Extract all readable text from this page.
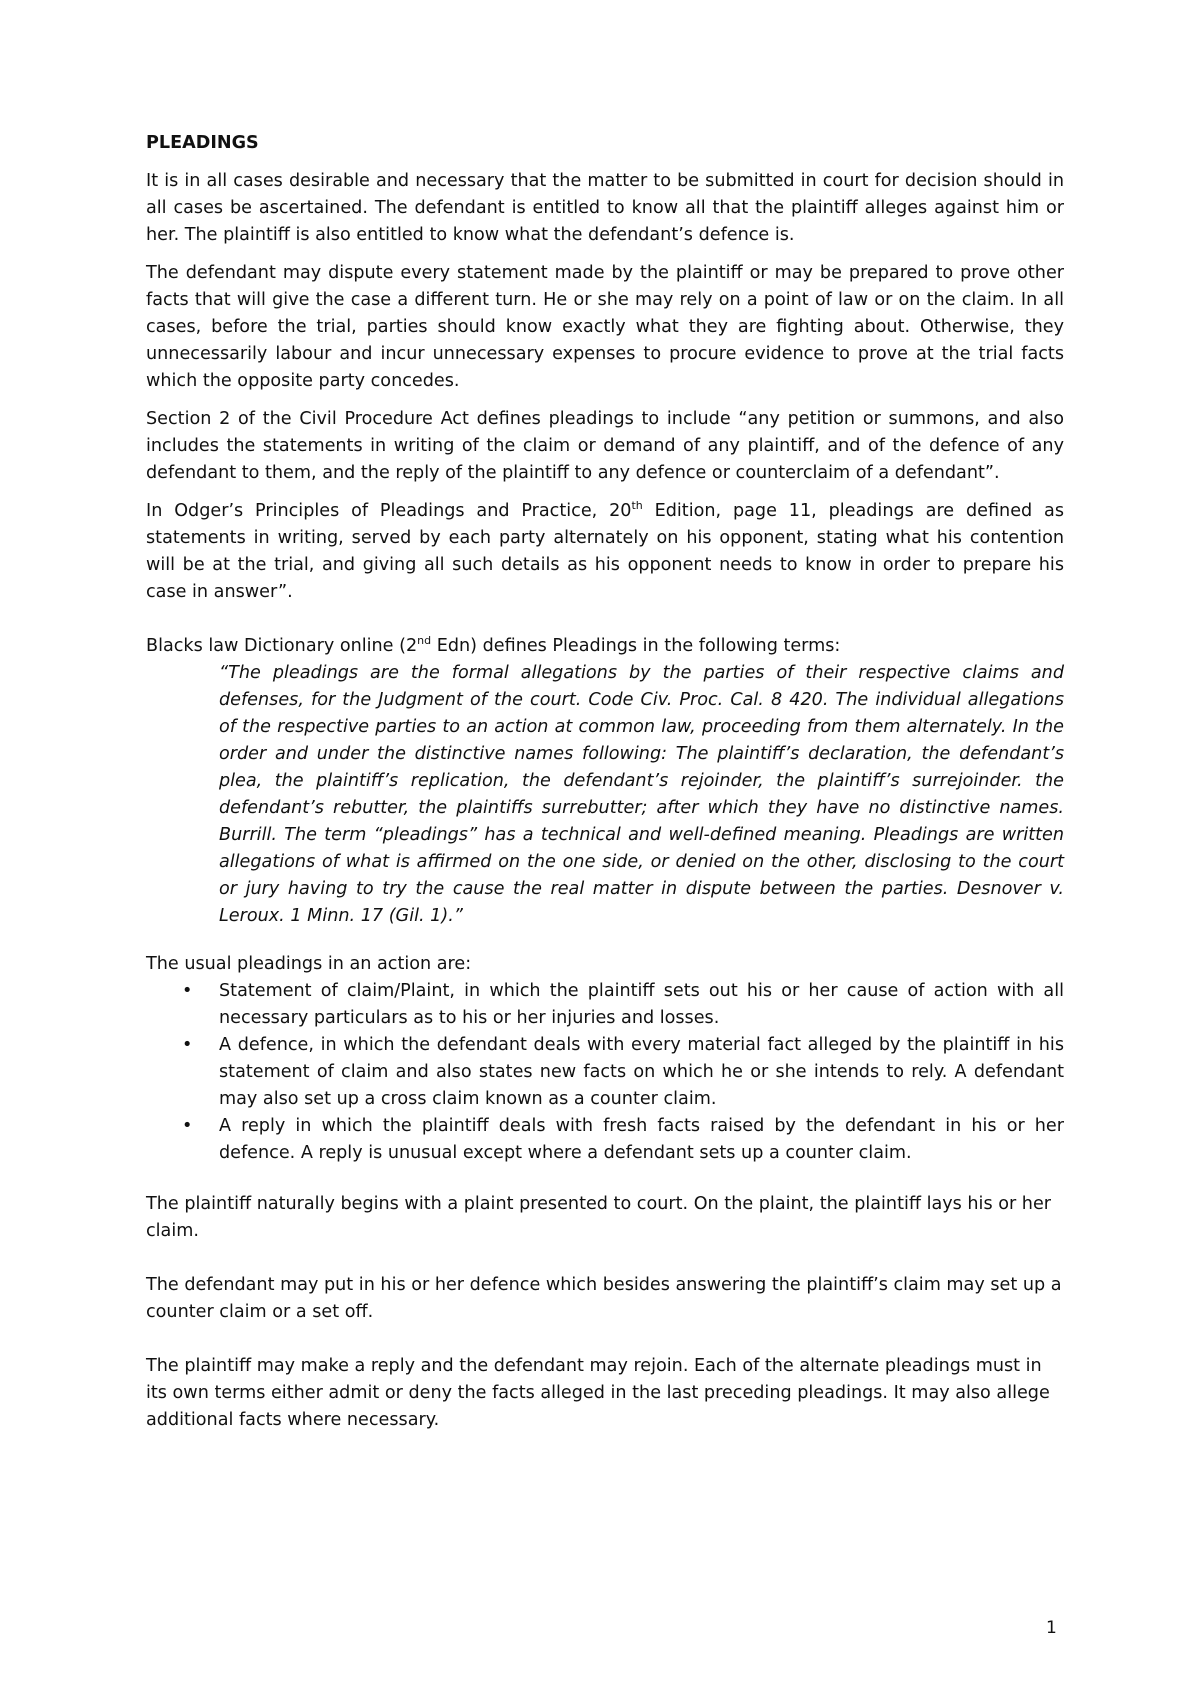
PLEADINGS

It is in all cases desirable and necessary that the matter to be submitted in court for decision should in all cases be ascertained. The defendant is entitled to know all that the plaintiff alleges against him or her. The plaintiff is also entitled to know what the defendant’s defence is.

The defendant may dispute every statement made by the plaintiff or may be prepared to prove other facts that will give the case a different turn. He or she may rely on a point of law or on the claim. In all cases, before the trial, parties should know exactly what they are fighting about. Otherwise, they unnecessarily labour and incur unnecessary expenses to procure evidence to prove at the trial facts which the opposite party concedes.

Section 2 of the Civil Procedure Act defines pleadings to include “any petition or summons, and also includes the statements in writing of the claim or demand of any plaintiff, and of the defence of any defendant to them, and the reply of the plaintiff to any defence or counterclaim of a defendant”.

In Odger’s Principles of Pleadings and Practice, 20th Edition, page 11, pleadings are defined as statements in writing, served by each party alternately on his opponent, stating what his contention will be at the trial, and giving all such details as his opponent needs to know in order to prepare his case in answer”.

Blacks law Dictionary online (2nd Edn) defines Pleadings in the following terms:

“The pleadings are the formal allegations by the parties of their respective claims and defenses, for the Judgment of the court. Code Civ. Proc. Cal. 8 420. The individual allegations of the respective parties to an action at common law, proceeding from them alternately. In the order and under the distinctive names following: The plaintiff’s declaration, the defendant’s plea, the plaintiff’s replication, the defendant’s rejoinder, the plaintiff’s surrejoinder. the defendant’s rebutter, the plaintiffs surrebutter; after which they have no distinctive names. Burrill. The term “pleadings” has a technical and well-defined meaning. Pleadings are written allegations of what is affirmed on the one side, or denied on the other, disclosing to the court or jury having to try the cause the real matter in dispute between the parties. Desnover v. Leroux. 1 Minn. 17 (Gil. 1).”

The usual pleadings in an action are:

• Statement of claim/Plaint, in which the plaintiff sets out his or her cause of action with all necessary particulars as to his or her injuries and losses.
• A defence, in which the defendant deals with every material fact alleged by the plaintiff in his statement of claim and also states new facts on which he or she intends to rely. A defendant may also set up a cross claim known as a counter claim.
• A reply in which the plaintiff deals with fresh facts raised by the defendant in his or her defence. A reply is unusual except where a defendant sets up a counter claim.

The plaintiff naturally begins with a plaint presented to court. On the plaint, the plaintiff lays his or her claim.

The defendant may put in his or her defence which besides answering the plaintiff’s claim may set up a counter claim or a set off.

The plaintiff may make a reply and the defendant may rejoin. Each of the alternate pleadings must in its own terms either admit or deny the facts alleged in the last preceding pleadings. It may also allege additional facts where necessary.

1
